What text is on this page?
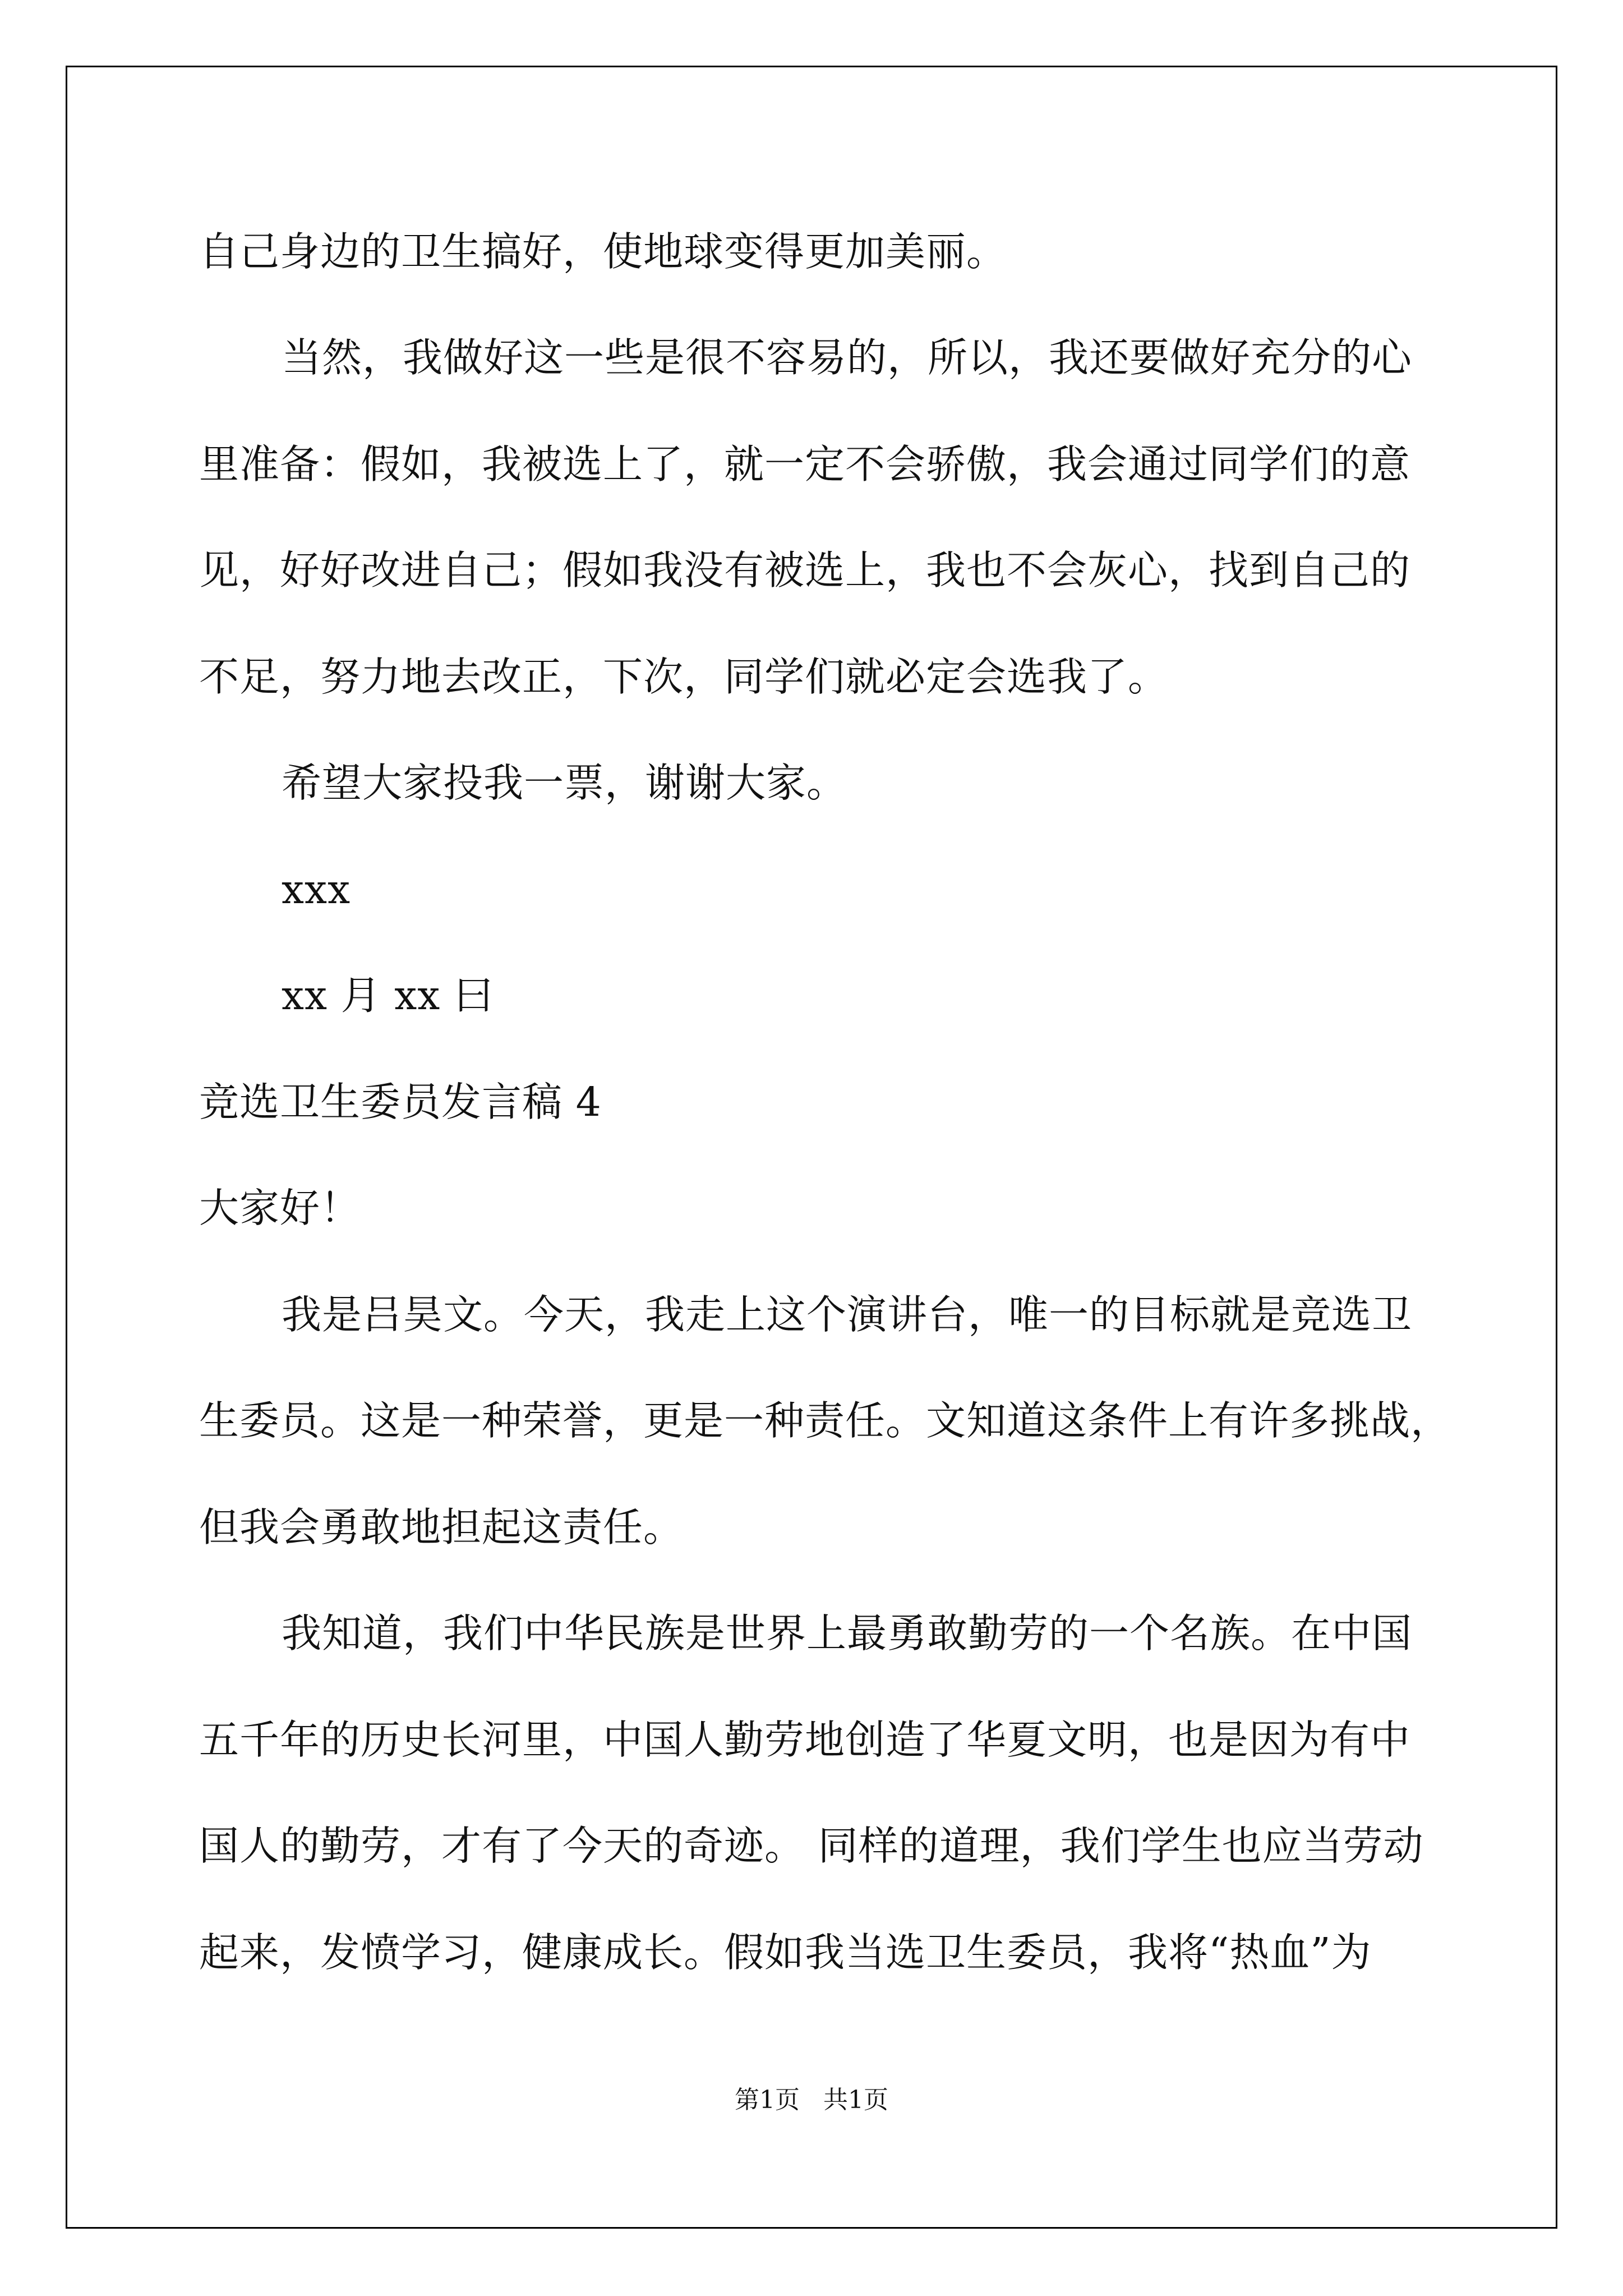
自己身边的卫生搞好，使地球变得更加美丽。
当然，我做好这一些是很不容易的，所以，我还要做好充分的心
里准备：假如，我被选上了，就一定不会骄傲，我会通过同学们的意
见，好好改进自己；假如我没有被选上，我也不会灰心，找到自己的
不足，努力地去改正，下次，同学们就必定会选我了。
希望大家投我一票，谢谢大家。
xxx
xx 月 xx 曰
竞选卫生委员发言稿 4
大家好！
我是吕昊文。今天，我走上这个演讲台，唯一的目标就是竞选卫
生委员。这是一种荣誉，更是一种责任。文知道这条件上有许多挑战，
但我会勇敢地担起这责任。
我知道，我们中华民族是世界上最勇敢勤劳的一个名族。在中国
五千年的历史长河里，中国人勤劳地创造了华夏文明，也是因为有中
国人的勤劳，才有了今天的奇迹。 同样的道理，我们学生也应当劳动
起来，发愤学习，健康成长。假如我当选卫生委员，我将“热血”为
第1页   共1页
